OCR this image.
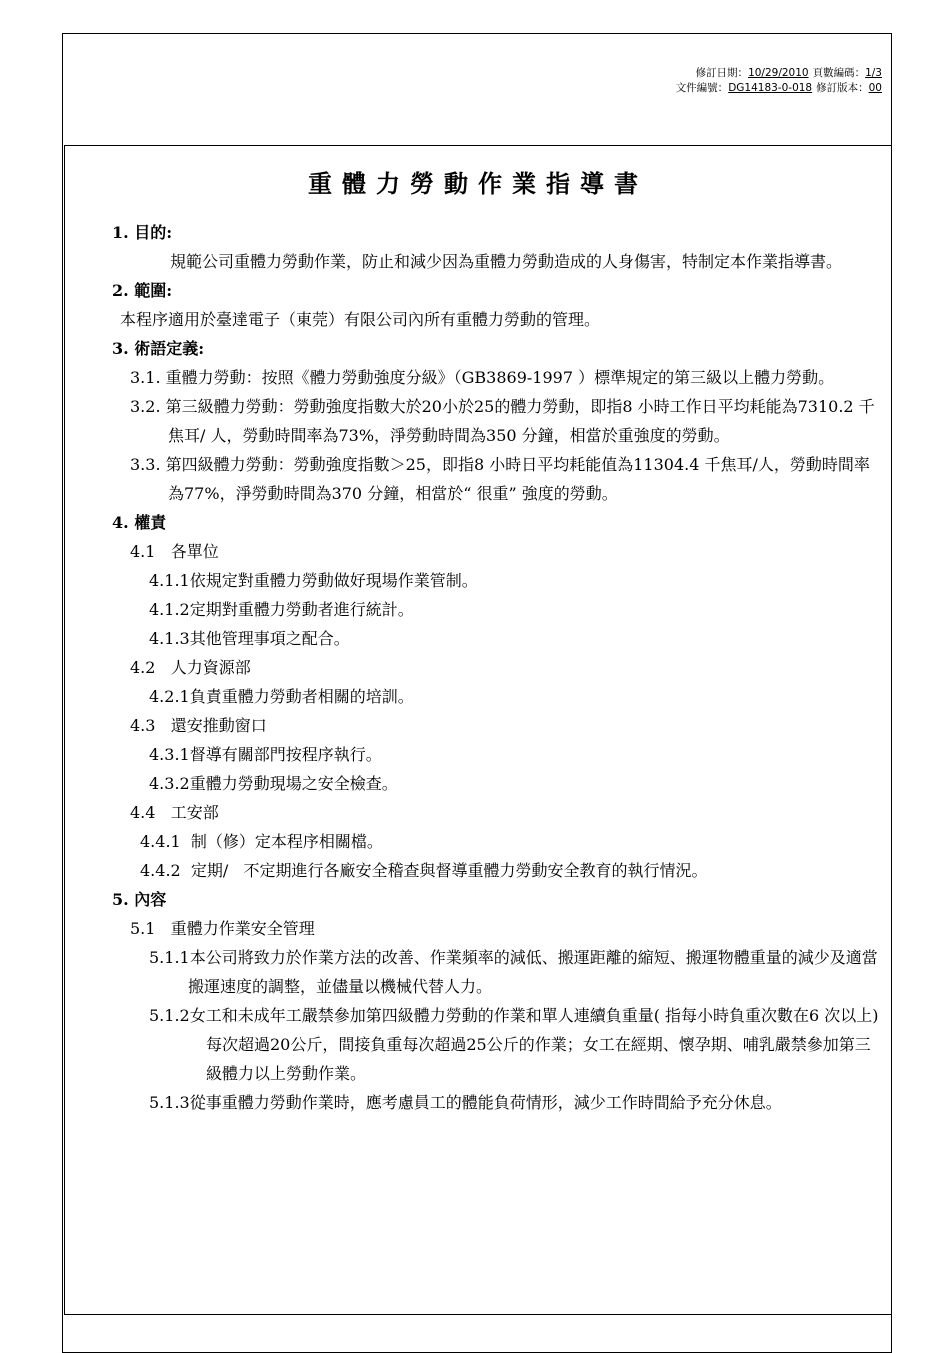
修訂日期：10/29/2010 頁數編碼：1/3
文件編號：DG14183-0-018 修訂版本：00
重體力勞動作業指導書

1. 目的:

規範公司重體力勞動作業，防止和減少因為重體力勞動造成的人身傷害，特制定本作業指導書。

2. 範圍:

本程序適用於臺達電子（東莞）有限公司內所有重體力勞動的管理。

3. 術語定義:

3.1. 重體力勞動：按照《體力勞動強度分級》（GB3869-1997 ）標準規定的第三級以上體力勞動。

3.2. 第三級體力勞動：勞動強度指數大於20小於25的體力勞動，即指8 小時工作日平均耗能為7310.2 千焦耳/ 人，勞動時間率為73%，淨勞動時間為350 分鐘，相當於重強度的勞動。

3.3. 第四級體力勞動：勞動強度指數＞25，即指8 小時日平均耗能值為11304.4 千焦耳/人，勞動時間率為77%，淨勞動時間為370 分鐘，相當於“ 很重” 強度的勞動。

4. 權責

4.1   各單位

4.1.1依規定對重體力勞動做好現場作業管制。

4.1.2定期對重體力勞動者進行統計。

4.1.3其他管理事項之配合。

4.2   人力資源部

4.2.1負責重體力勞動者相關的培訓。

4.3   還安推動窗口

4.3.1督導有關部門按程序執行。

4.3.2重體力勞動現場之安全檢查。

4.4   工安部

4.4.1  制（修）定本程序相關檔。

4.4.2  定期/   不定期進行各廠安全稽查與督導重體力勞動安全教育的執行情況。

5. 內容

5.1   重體力作業安全管理

5.1.1本公司將致力於作業方法的改善、作業頻率的減低、搬運距離的縮短、搬運物體重量的減少及適當搬運速度的調整，並儘量以機械代替人力。

5.1.2女工和未成年工嚴禁參加第四級體力勞動的作業和單人連續負重量( 指每小時負重次數在6 次以上) 每次超過20公斤，間接負重每次超過25公斤的作業；女工在經期、懷孕期、哺乳嚴禁參加第三級體力以上勞動作業。

5.1.3從事重體力勞動作業時，應考慮員工的體能負荷情形，減少工作時間給予充分休息。
